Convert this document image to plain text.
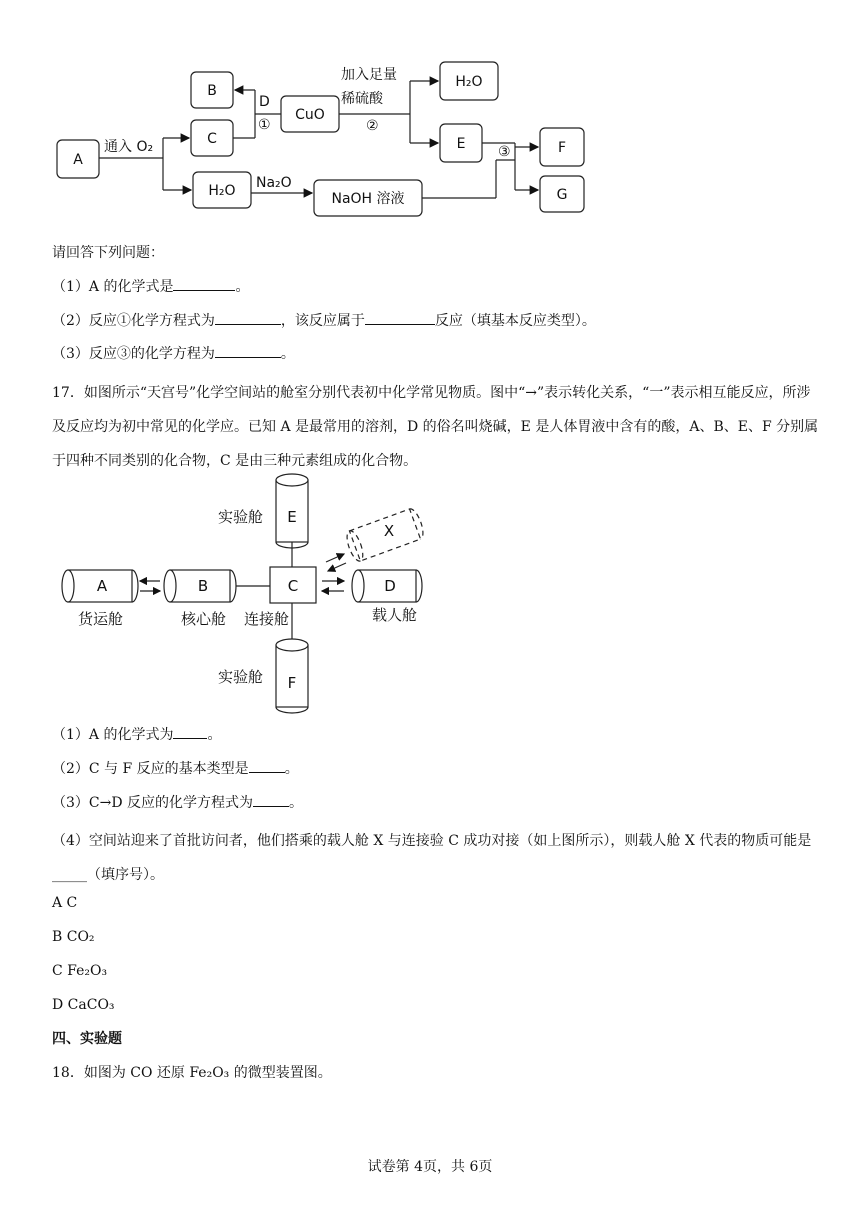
A
B
C
H₂O
CuO
H₂O
E	F
G
NaOH 溶液
通入 O₂
D
①
加入足量
稀硫酸
②
③
Na₂O
请回答下列问题：
（1）A 的化学式是	。
（2）反应①化学方程式为	，该反应属于	反应（填基本反应类型）。
（3）反应③的化学方程为	。
17．如图所示“天宫号”化学空间站的舱室分别代表初中化学常见物质。图中“→”表示转化关系，“一”表示相互能反应，所涉及反应均为初中常见的化学应。已知 A 是最常用的溶剂，D 的俗名叫烧碱，E 是人体胃液中含有的酸，A、B、E、F 分别属于四种不同类别的化合物，C 是由三种元素组成的化合物。
E
F
C
A	B	D
X
实验舱
实验舱
货运舱	核心舱 连接舱	载人舱
（1）A 的化学式为 。
（2）C 与 F 反应的基本类型是	。
（3）C→D 反应的化学方程式为	。
（4）空间站迎来了首批访问者，他们搭乘的载人舱 X 与连接验 C 成功对接（如上图所示），则载人舱 X 代表的物质可能是_____（填序号）。
A C
B CO₂
C Fe₂O₃
D CaCO₃
四、实验题
18．如图为 CO 还原 Fe₂O₃ 的微型装置图。
试卷第 4页，共 6页
